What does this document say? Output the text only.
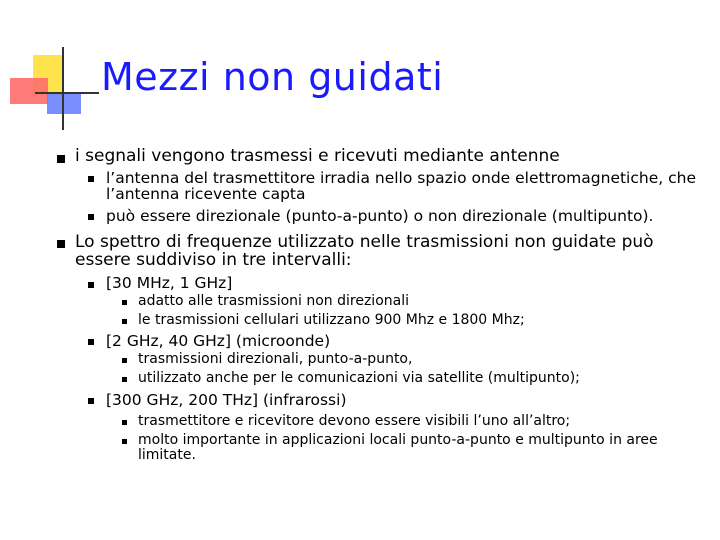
Mezzi non guidati
i segnali vengono trasmessi e ricevuti mediante antenne
l’antenna del trasmettitore irradia nello spazio onde elettromagnetiche, che l’antenna ricevente capta
può essere direzionale (punto-a-punto) o non direzionale (multipunto).
Lo spettro di frequenze utilizzato nelle trasmissioni non guidate può essere suddiviso in tre intervalli:
[30 MHz, 1 GHz]
adatto alle trasmissioni non direzionali
le trasmissioni cellulari utilizzano 900 Mhz e 1800 Mhz;
[2 GHz, 40 GHz] (microonde)
trasmissioni direzionali, punto-a-punto,
utilizzato anche per le comunicazioni via satellite (multipunto);
[300 GHz, 200 THz] (infrarossi)
trasmettitore e ricevitore devono essere visibili l’uno all’altro;
molto importante in applicazioni locali punto-a-punto e multipunto in aree limitate.
